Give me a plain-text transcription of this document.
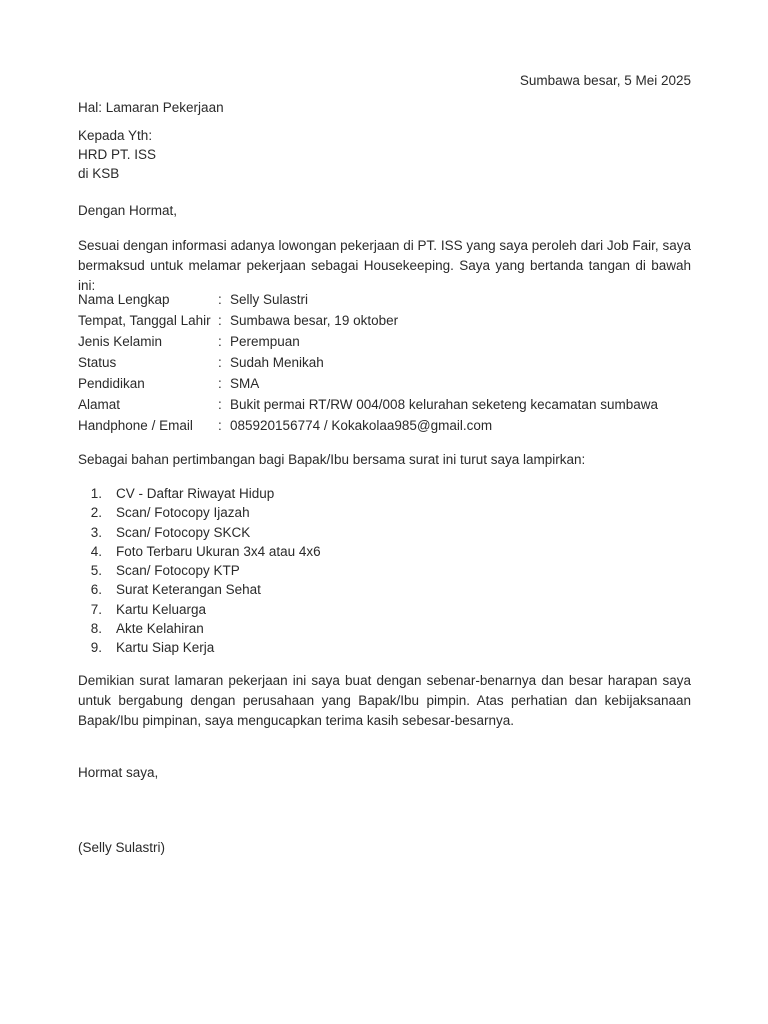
Sumbawa besar, 5 Mei 2025
Hal: Lamaran Pekerjaan
Kepada Yth:
HRD PT. ISS
di KSB
Dengan Hormat,
Sesuai dengan informasi adanya lowongan pekerjaan di PT. ISS yang saya peroleh dari Job Fair, saya bermaksud untuk melamar pekerjaan sebagai Housekeeping. Saya yang bertanda tangan di bawah ini:
Nama Lengkap	:	Selly Sulastri
Tempat, Tanggal Lahir	:	Sumbawa besar, 19 oktober
Jenis Kelamin	:	Perempuan
Status	:	Sudah Menikah
Pendidikan	:	SMA
Alamat	:	Bukit permai RT/RW 004/008 kelurahan seketeng kecamatan sumbawa
Handphone / Email	:	085920156774 / Kokakolaa985@gmail.com
Sebagai bahan pertimbangan bagi Bapak/Ibu bersama surat ini turut saya lampirkan:
1. CV - Daftar Riwayat Hidup
2. Scan/ Fotocopy Ijazah
3. Scan/ Fotocopy SKCK
4. Foto Terbaru Ukuran 3x4 atau 4x6
5. Scan/ Fotocopy KTP
6. Surat Keterangan Sehat
7. Kartu Keluarga
8. Akte Kelahiran
9. Kartu Siap Kerja
Demikian surat lamaran pekerjaan ini saya buat dengan sebenar-benarnya dan besar harapan saya untuk bergabung dengan perusahaan yang Bapak/Ibu pimpin. Atas perhatian dan kebijaksanaan Bapak/Ibu pimpinan, saya mengucapkan terima kasih sebesar-besarnya.
Hormat saya,
(Selly Sulastri)
